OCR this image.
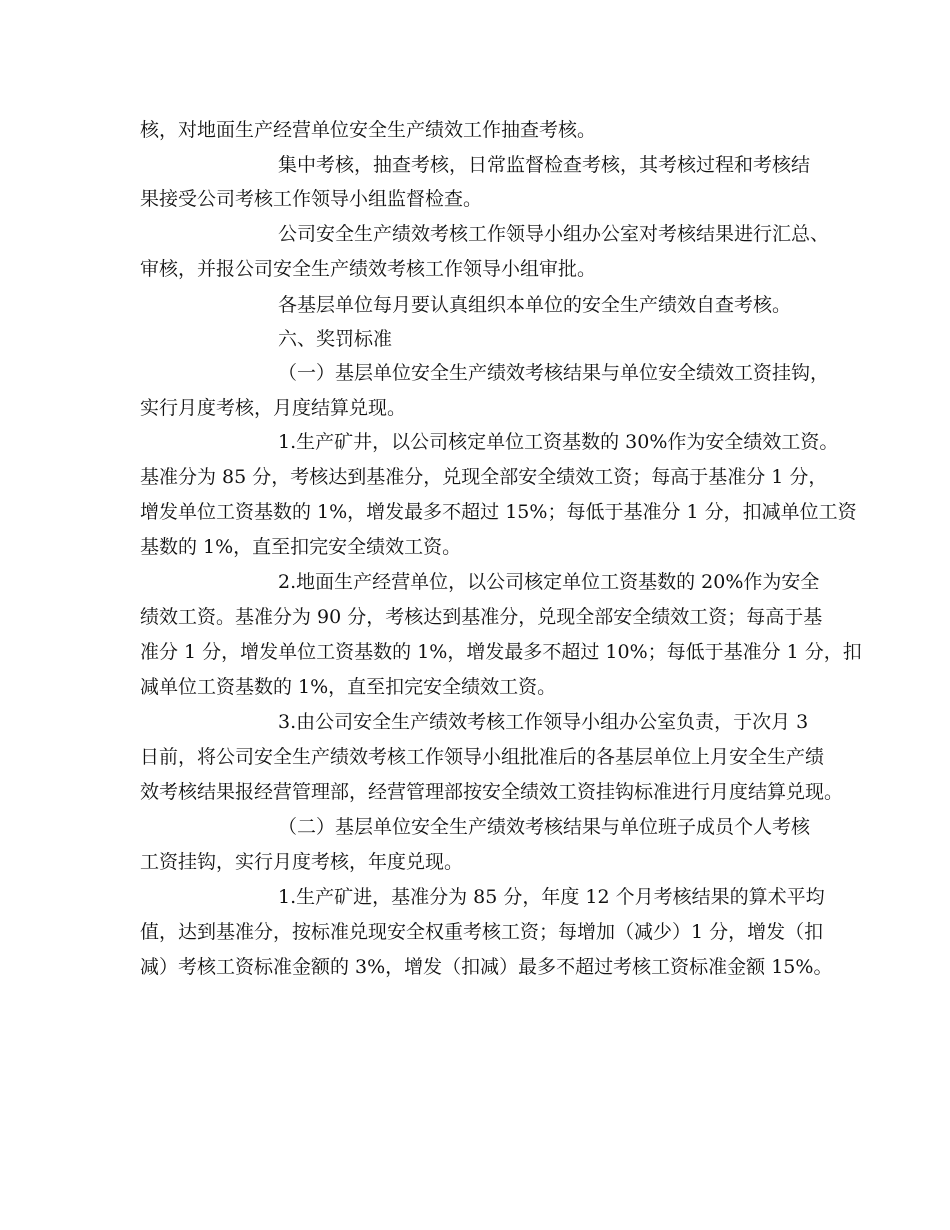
核，对地面生产经营单位安全生产绩效工作抽查考核。
集中考核，抽查考核，日常监督检查考核，其考核过程和考核结
果接受公司考核工作领导小组监督检查。
公司安全生产绩效考核工作领导小组办公室对考核结果进行汇总、
审核，并报公司安全生产绩效考核工作领导小组审批。
各基层单位每月要认真组织本单位的安全生产绩效自查考核。
六、奖罚标准
（一）基层单位安全生产绩效考核结果与单位安全绩效工资挂钩，
实行月度考核，月度结算兑现。
1.生产矿井，以公司核定单位工资基数的 30%作为安全绩效工资。
基准分为 85 分，考核达到基准分，兑现全部安全绩效工资；每高于基准分 1 分，
增发单位工资基数的 1%，增发最多不超过 15%；每低于基准分 1 分，扣减单位工资
基数的 1%，直至扣完安全绩效工资。
2.地面生产经营单位，以公司核定单位工资基数的 20%作为安全
绩效工资。基准分为 90 分，考核达到基准分，兑现全部安全绩效工资；每高于基
准分 1 分，增发单位工资基数的 1%，增发最多不超过 10%；每低于基准分 1 分，扣
减单位工资基数的 1%，直至扣完安全绩效工资。
3.由公司安全生产绩效考核工作领导小组办公室负责，于次月 3
日前，将公司安全生产绩效考核工作领导小组批准后的各基层单位上月安全生产绩
效考核结果报经营管理部，经营管理部按安全绩效工资挂钩标准进行月度结算兑现。
（二）基层单位安全生产绩效考核结果与单位班子成员个人考核
工资挂钩，实行月度考核，年度兑现。
1.生产矿进，基准分为 85 分，年度 12 个月考核结果的算术平均
值，达到基准分，按标准兑现安全权重考核工资；每增加（减少）1 分，增发（扣
减）考核工资标准金额的 3%，增发（扣减）最多不超过考核工资标准金额 15%。
